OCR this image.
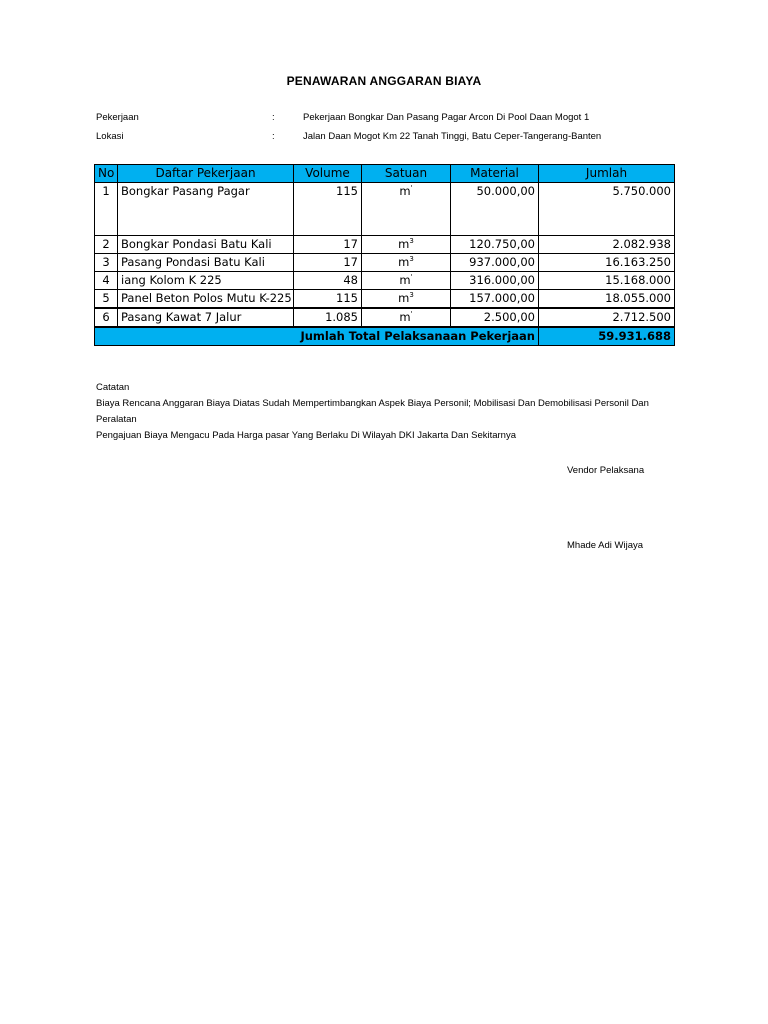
PENAWARAN ANGGARAN BIAYA
Pekerjaan	:	Pekerjaan Bongkar Dan Pasang Pagar Arcon Di Pool Daan Mogot 1
Lokasi	:	Jalan Daan Mogot Km 22 Tanah Tinggi, Batu Ceper-Tangerang-Banten
No	Daftar Pekerjaan	Volume	Satuan	Material	Jumlah
1	Bongkar Pasang Pagar	115	m'	50.000,00	5.750.000
2	Bongkar Pondasi Batu Kali	17	$m^3$	120.750,00	2.082.938
3	Pasang Pondasi Batu Kali	17	$m^3$	937.000,00	16.163.250
4	iang Kolom K 225	48	m'	316.000,00	15.168.000
5	Panel Beton Polos Mutu K-225	115	$m^3$	157.000,00	18.055.000
6	Pasang Kawat 7 Jalur	1.085	m'	2.500,00	2.712.500
Jumlah Total Pelaksanaan Pekerjaan					59.931.688
Catatan
Biaya Rencana Anggaran Biaya Diatas Sudah Mempertimbangkan Aspek Biaya Personil; Mobilisasi Dan Demobilisasi Personil Dan Peralatan
Pengajuan Biaya Mengacu Pada Harga pasar Yang Berlaku Di Wilayah DKI Jakarta Dan Sekitarnya
Vendor Pelaksana
Mhade Adi Wijaya
